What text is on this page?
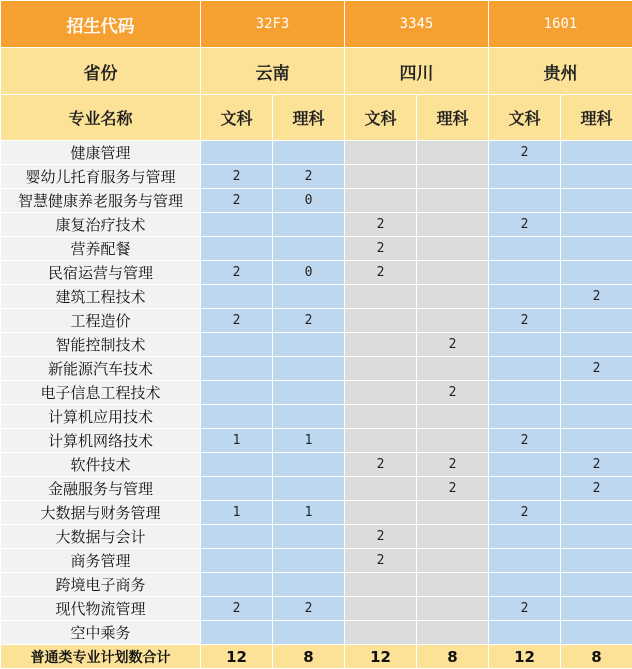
招生代码	32F3		3345		1601	
省份	云南		四川		贵州	
专业名称	文科	理科	文科	理科	文科	理科
健康管理					2	
婴幼儿托育服务与管理	2	2				
智慧健康养老服务与管理	2	0				
康复治疗技术			2		2	
营养配餐			2			
民宿运营与管理	2	0	2			
建筑工程技术						2
工程造价	2	2			2	
智能控制技术				2		
新能源汽车技术						2
电子信息工程技术				2		
计算机应用技术						
计算机网络技术	1	1			2	
软件技术			2	2		2
金融服务与管理				2		2
大数据与财务管理	1	1			2	
大数据与会计			2			
商务管理			2			
跨境电子商务						
现代物流管理	2	2			2	
空中乘务						
普通类专业计划数合计	12	8	12	8	12	8
